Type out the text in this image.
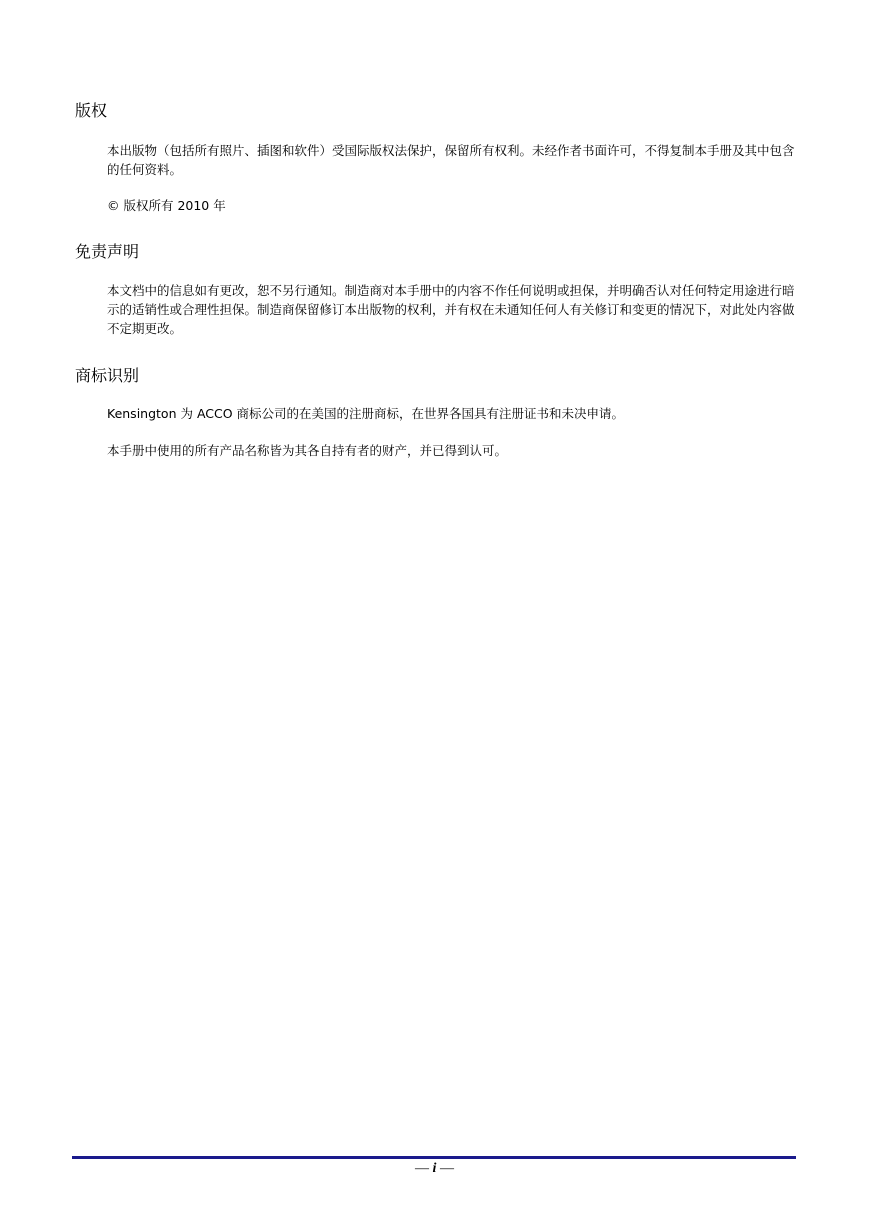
版权

本出版物（包括所有照片、插图和软件）受国际版权法保护，保留所有权利。未经作者书面许可，不得复制本手册及其中包含的任何资料。

© 版权所有 2010 年

免责声明

本文档中的信息如有更改，恕不另行通知。制造商对本手册中的内容不作任何说明或担保，并明确否认对任何特定用途进行暗示的适销性或合理性担保。制造商保留修订本出版物的权利，并有权在未通知任何人有关修订和变更的情况下，对此处内容做不定期更改。

商标识别

Kensington 为 ACCO 商标公司的在美国的注册商标，在世界各国具有注册证书和未决申请。

本手册中使用的所有产品名称皆为其各自持有者的财产，并已得到认可。

— i —
